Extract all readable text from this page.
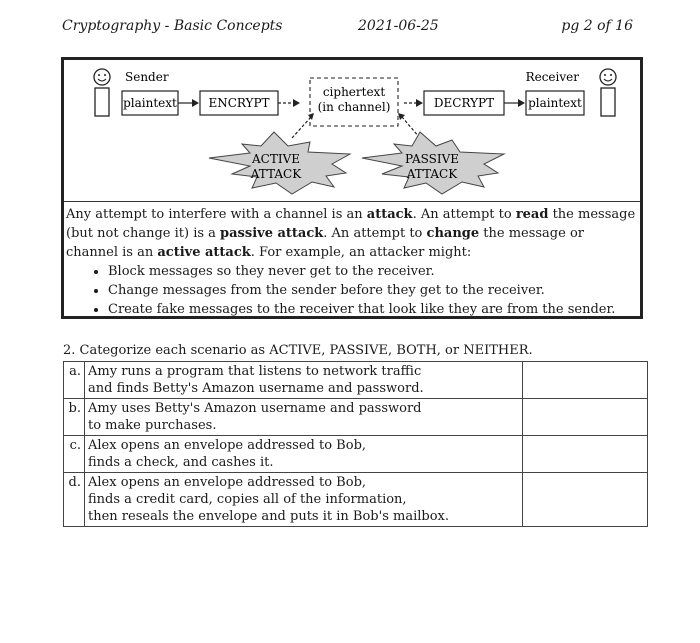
Cryptography - Basic Concepts	2021-06-25	pg 2 of 16
Sender
plaintext	ENCRYPT
ciphertext
(in channel)	DECRYPT	plaintext
Receiver
ACTIVE
ATTACK
PASSIVE
ATTACK

Any attempt to interfere with a channel is an attack. An attempt to read the message (but not change it) is a passive attack. An attempt to change the message or channel is an active attack. For example, an attacker might:

• Block messages so they never get to the receiver.
• Change messages from the sender before they get to the receiver.
• Create fake messages to the receiver that look like they are from the sender.
2. Categorize each scenario as ACTIVE, PASSIVE, BOTH, or NEITHER.
a.	Amy runs a program that listens to network traffic
and finds Betty's Amazon username and password.	
b.	Amy uses Betty's Amazon username and password
to make purchases.	
c.	Alex opens an envelope addressed to Bob,
finds a check, and cashes it.	
d.	Alex opens an envelope addressed to Bob,
finds a credit card, copies all of the information,
then reseals the envelope and puts it in Bob's mailbox.	
